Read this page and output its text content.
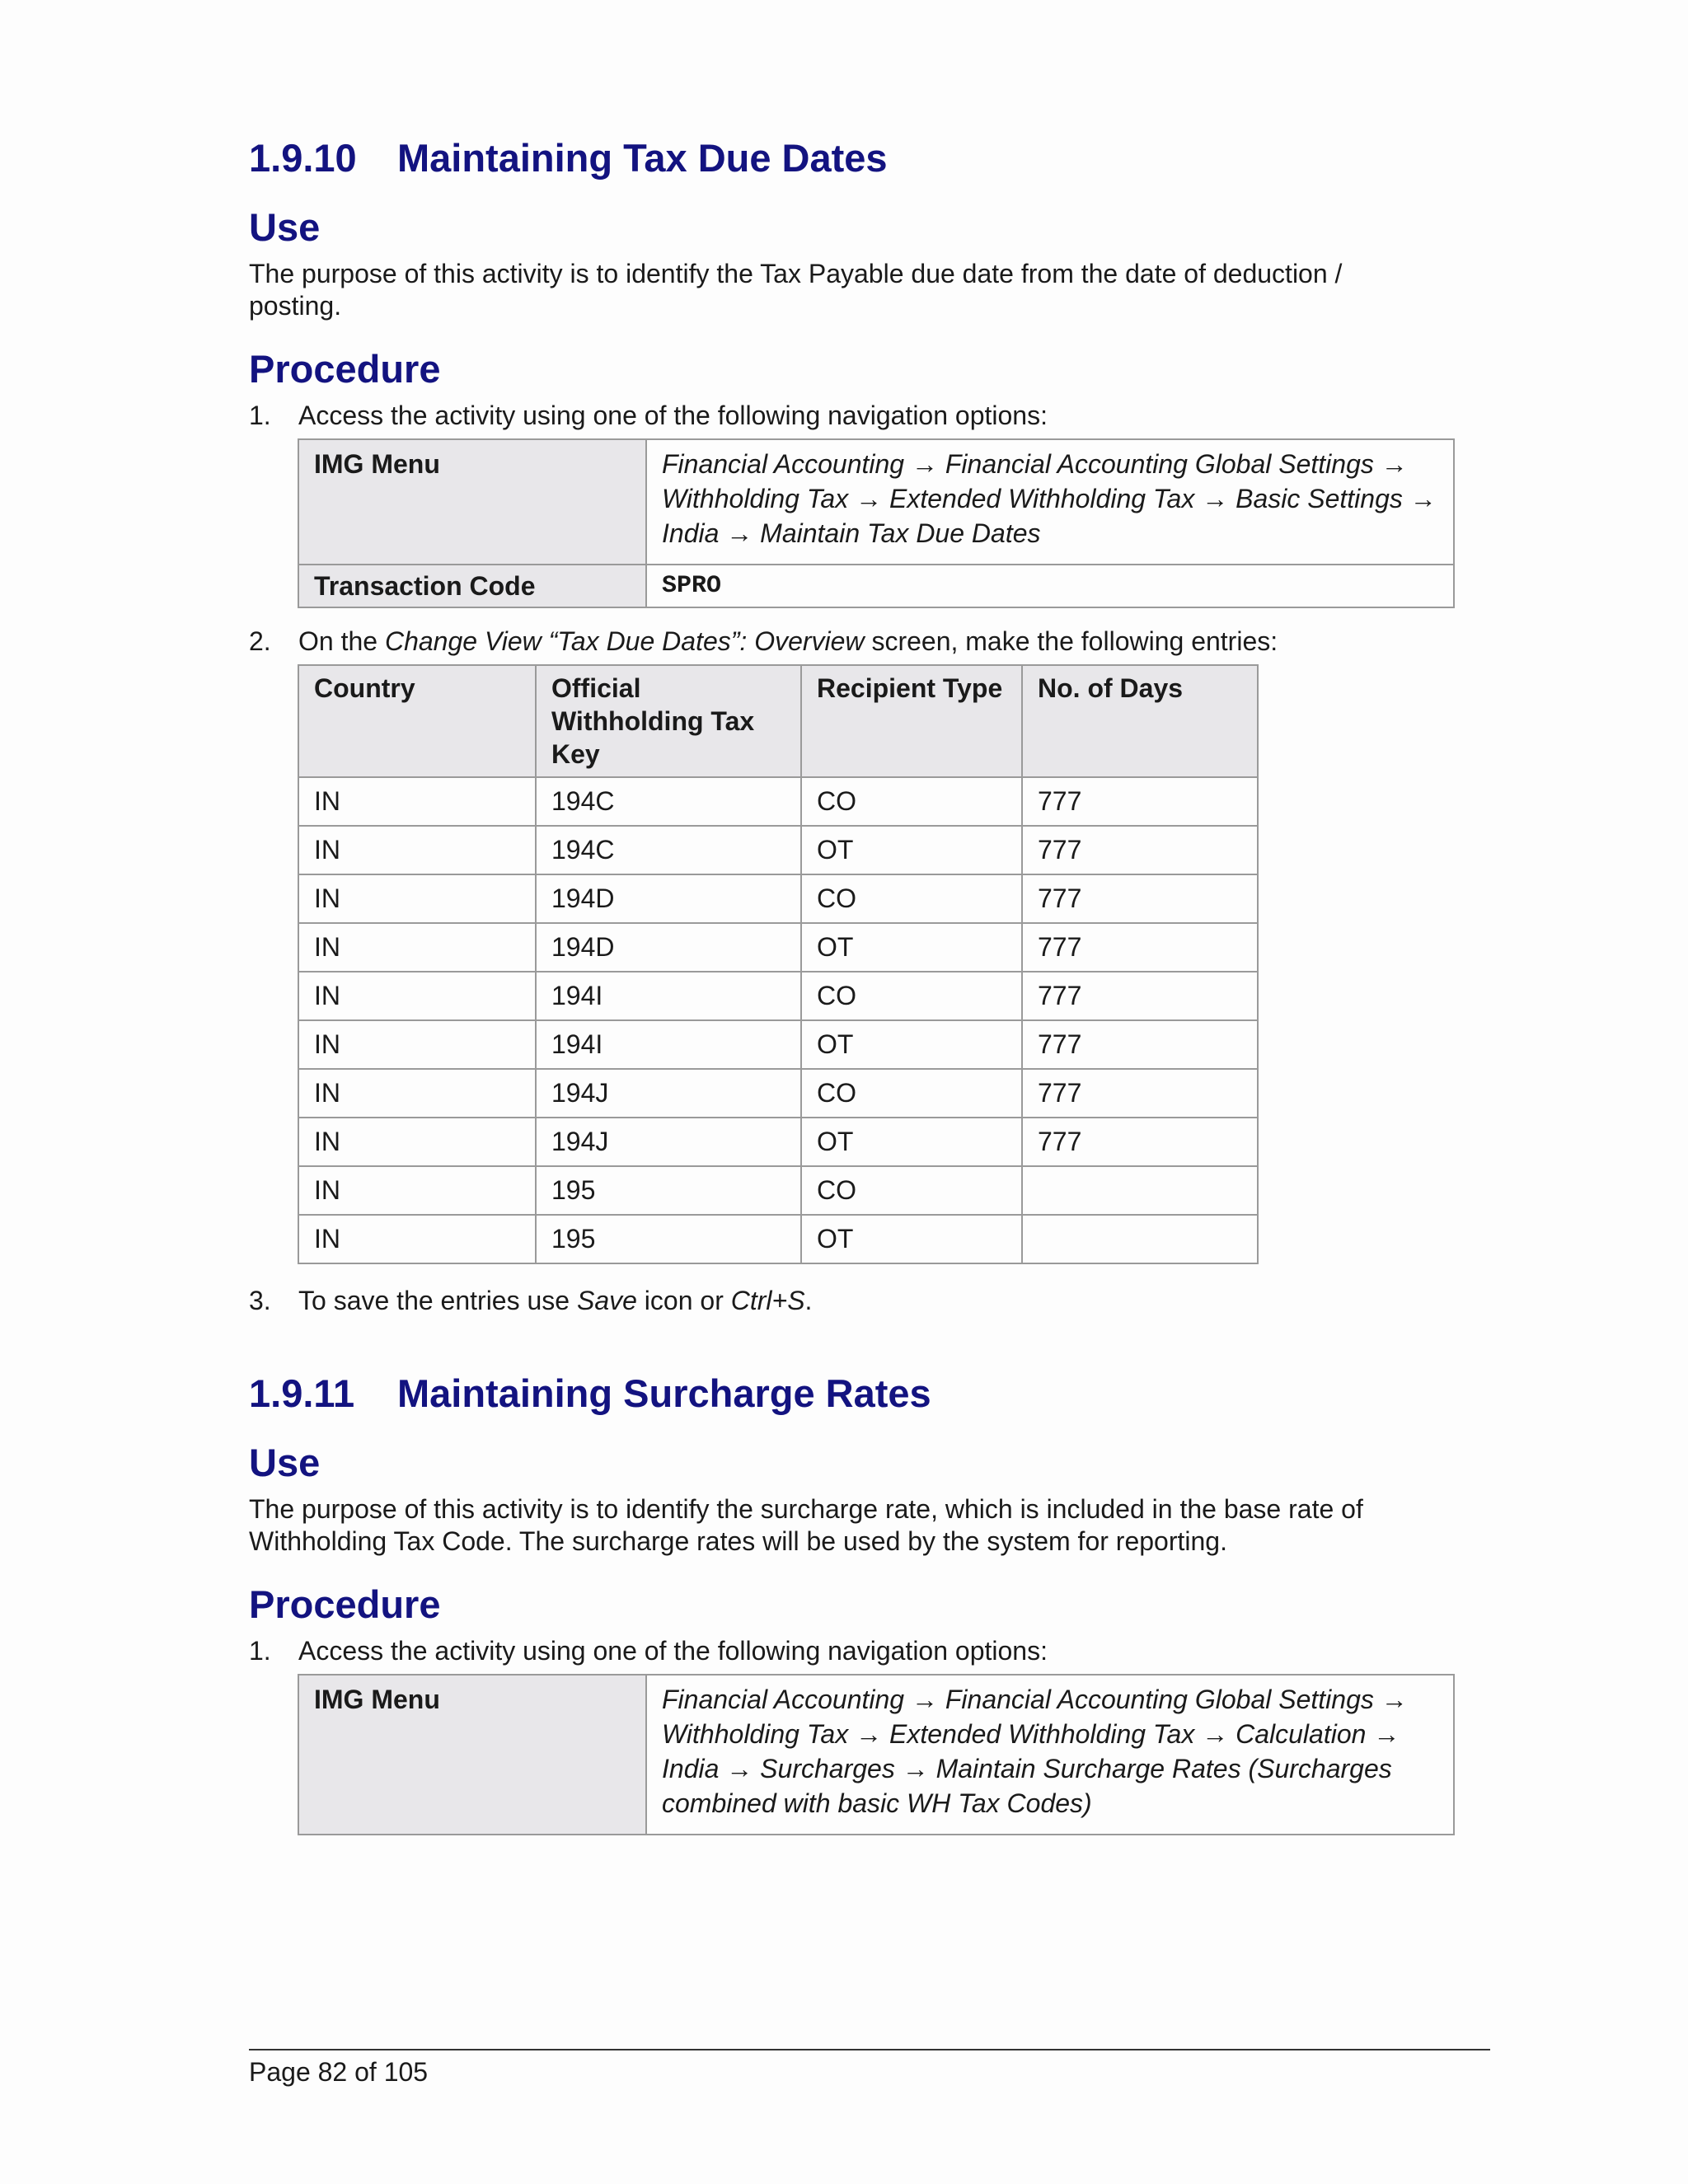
1.9.10 Maintaining Tax Due Dates
Use

The purpose of this activity is to identify the Tax Payable due date from the date of deduction / posting.

Procedure

1. Access the activity using one of the following navigation options:

IMG Menu	Financial Accounting → Financial Accounting Global Settings → Withholding Tax → Extended Withholding Tax → Basic Settings → India → Maintain Tax Due Dates
Transaction Code	SPRO

2. On the Change View “Tax Due Dates”: Overview screen, make the following entries:

Country	Official Withholding Tax Key	Recipient Type	No. of Days
IN	194C	CO	777
IN	194C	OT	777
IN	194D	CO	777
IN	194D	OT	777
IN	194I	CO	777
IN	194I	OT	777
IN	194J	CO	777
IN	194J	OT	777
IN	195	CO	
IN	195	OT	

3. To save the entries use Save icon or Ctrl+S.

1.9.11 Maintaining Surcharge Rates
Use

The purpose of this activity is to identify the surcharge rate, which is included in the base rate of Withholding Tax Code. The surcharge rates will be used by the system for reporting.

Procedure

1. Access the activity using one of the following navigation options:

IMG Menu	Financial Accounting → Financial Accounting Global Settings → Withholding Tax → Extended Withholding Tax → Calculation → India → Surcharges → Maintain Surcharge Rates (Surcharges combined with basic WH Tax Codes)
Page 82 of 105
